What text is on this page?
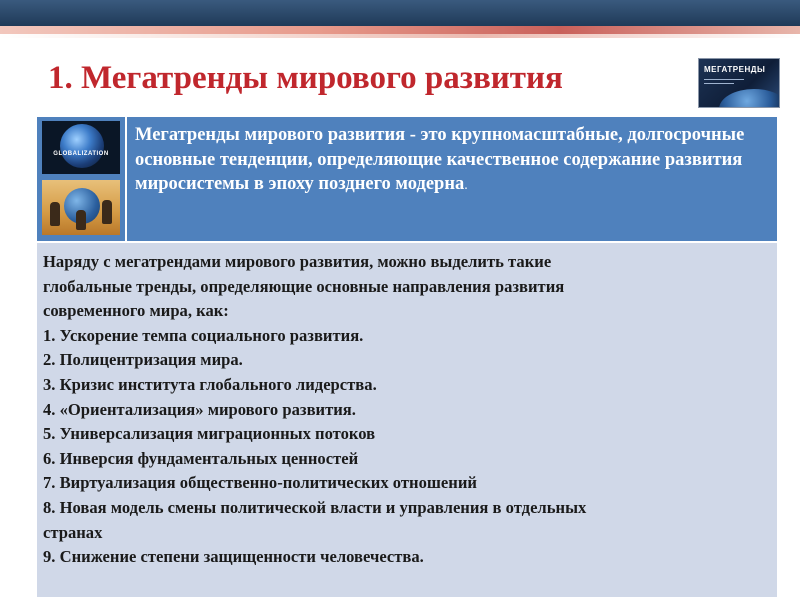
1. Мегатренды мирового развития	МЕГАТРЕНДЫ
GLOBALIZATION
Мегатренды мирового развития - это крупномасштабные, долгосрочные основные тенденции, определяющие качественное содержание развития миросистемы в эпоху позднего модерна.
Наряду с мегатрендами мирового развития, можно выделить такие
глобальные тренды, определяющие основные направления развития
современного мира, как:
1. Ускорение темпа социального развития.
2. Полицентризация мира.
3. Кризис института глобального лидерства.
4. «Ориентализация» мирового развития.
5. Универсализация миграционных потоков
6. Инверсия фундаментальных ценностей
7. Виртуализация общественно-политических отношений
8. Новая модель смены политической власти и управления в отдельных
странах
9. Снижение степени защищенности человечества.
